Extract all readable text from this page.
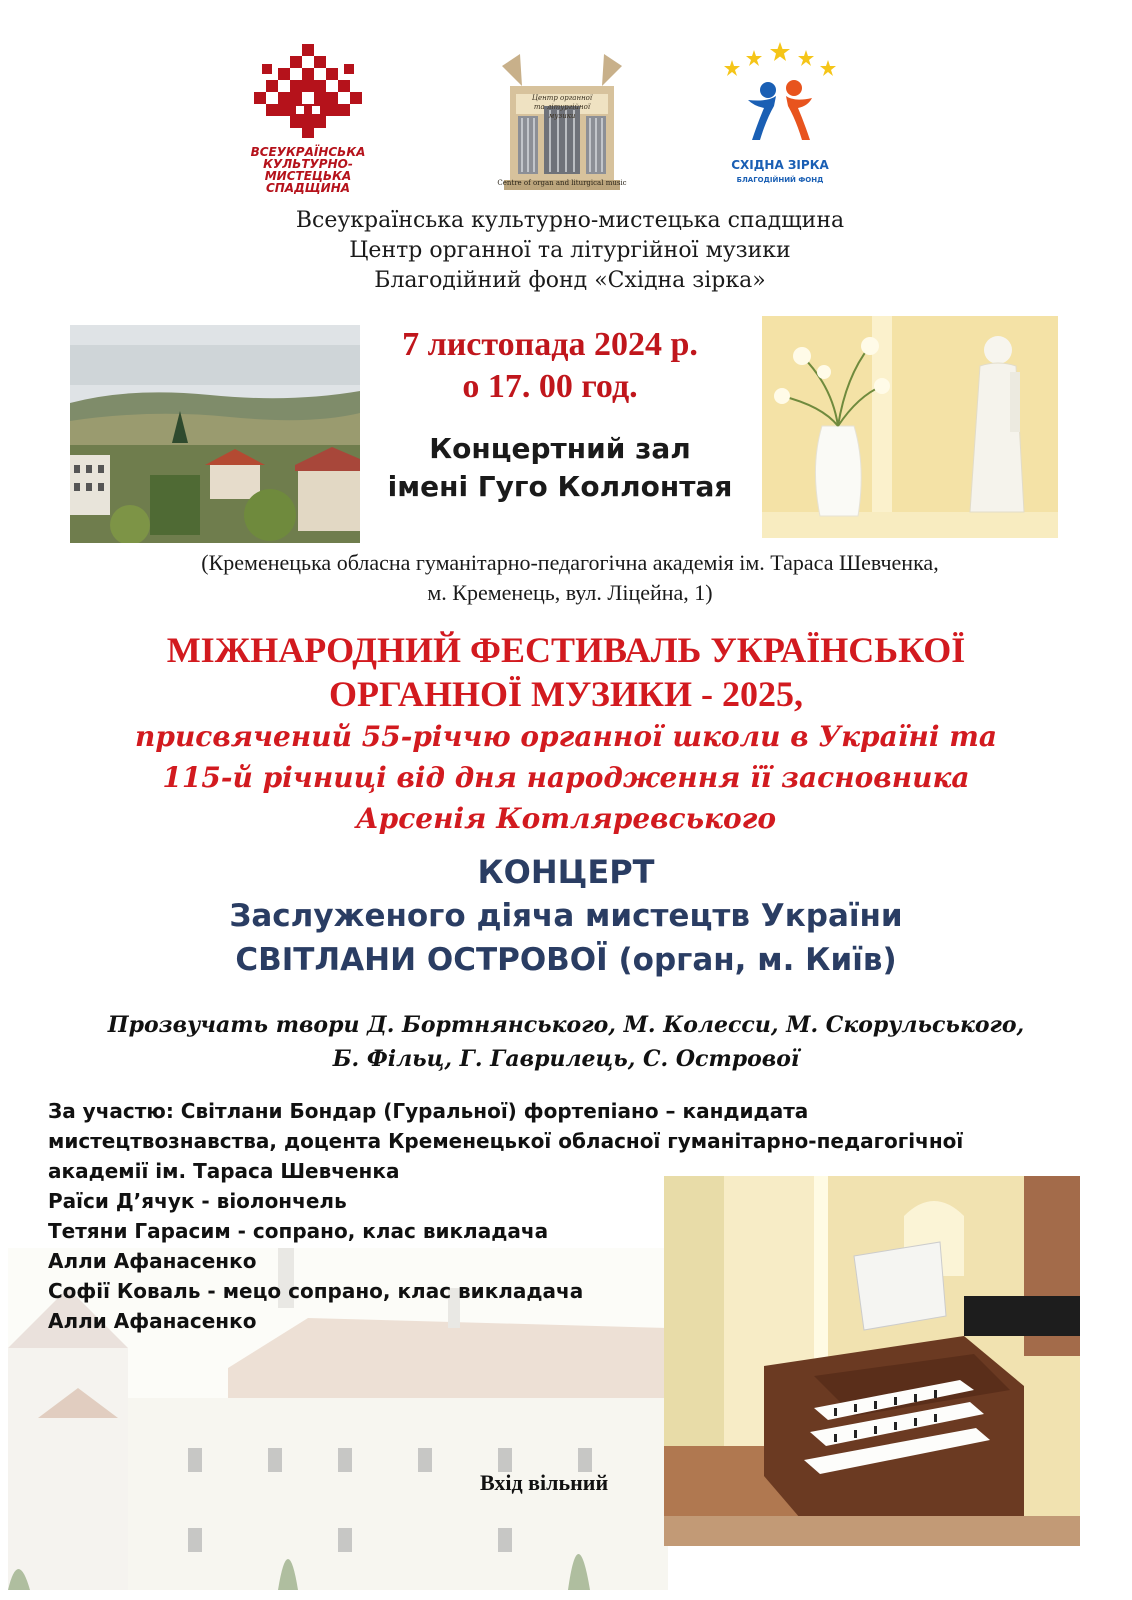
ВСЕУКРАЇНСЬКА
КУЛЬТУРНО-
МИСТЕЦЬКА
СПАДЩИНА
Центр органної
та літургійної музики
Centre of organ and liturgical music
СХІДНА ЗІРКА
БЛАГОДІЙНИЙ ФОНД
Всеукраїнська культурно-мистецька спадщина
Центр органної та літургійної музики
Благодійний фонд «Східна зірка»
7 листопада 2024 р.
о 17. 00 год.
Концертний зал
імені Гуго Коллонтая
(Кременецька обласна гуманітарно-педагогічна академія ім. Тараса Шевченка,
м. Кременець, вул. Ліцейна, 1)
МІЖНАРОДНИЙ ФЕСТИВАЛЬ УКРАЇНСЬКОЇ
ОРГАННОЇ МУЗИКИ - 2025,
присвячений 55-річчю органної школи в Україні та
115-й річниці від дня народження її засновника
Арсенія Котляревського
КОНЦЕРТ
Заслуженого діяча мистецтв України
СВІТЛАНИ ОСТРОВОЇ (орган, м. Київ)
Прозвучать твори Д. Бортнянського, М. Колесси, М. Скорульського,
Б. Фільц, Г. Гаврилець, С. Острової
За участю: Світлани Бондар (Гуральної) фортепіано – кандидата
мистецтвознавства, доцента Кременецької обласної гуманітарно-педагогічної
академії ім. Тараса Шевченка
Раїси Д’ячук - віолончель
Тетяни Гарасим - сопрано, клас викладача
Алли Афанасенко
Софії Коваль - мецо сопрано, клас викладача
Алли Афанасенко
Вхід вільний
